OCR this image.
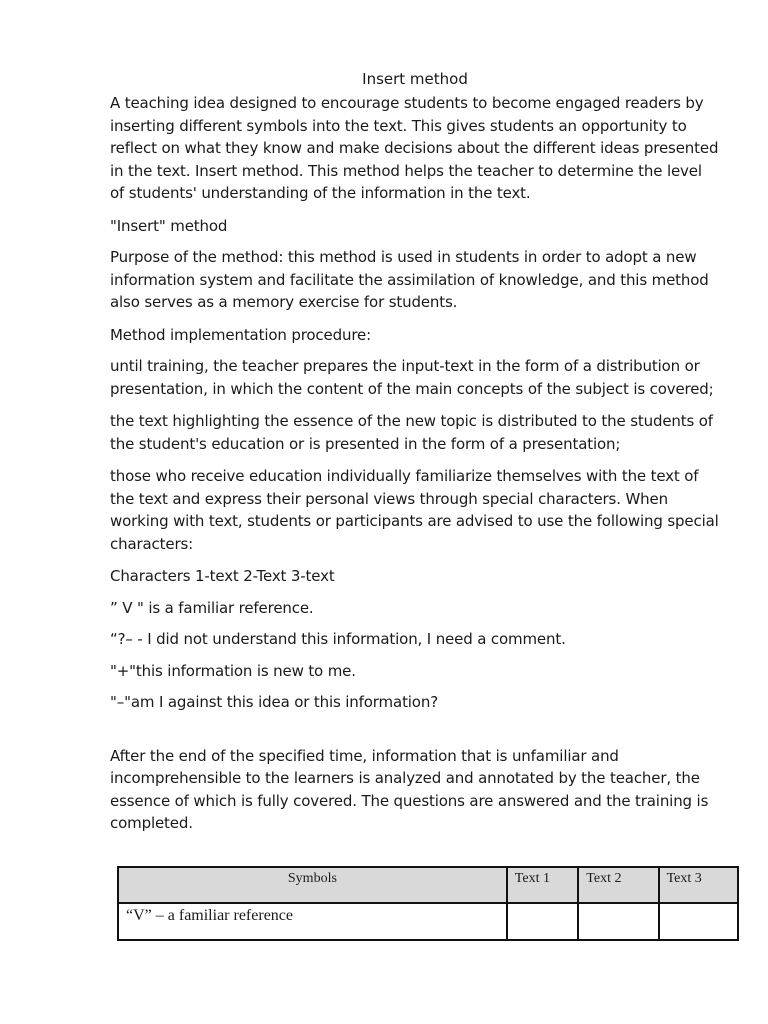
Insert method

A teaching idea designed to encourage students to become engaged readers by inserting different symbols into the text. This gives students an opportunity to reflect on what they know and make decisions about the different ideas presented in the text. Insert method. This method helps the teacher to determine the level of students' understanding of the information in the text.

"Insert" method

Purpose of the method: this method is used in students in order to adopt a new information system and facilitate the assimilation of knowledge, and this method also serves as a memory exercise for students.

Method implementation procedure:

until training, the teacher prepares the input-text in the form of a distribution or presentation, in which the content of the main concepts of the subject is covered;

the text highlighting the essence of the new topic is distributed to the students of the student's education or is presented in the form of a presentation;

those who receive education individually familiarize themselves with the text of the text and express their personal views through special characters. When working with text, students or participants are advised to use the following special characters:

Characters 1-text 2-Text 3-text

” V " is a familiar reference.

“?– - I did not understand this information, I need a comment.

"+"this information is new to me.

"–"am I against this idea or this information?

After the end of the specified time, information that is unfamiliar and incomprehensible to the learners is analyzed and annotated by the teacher, the essence of which is fully covered. The questions are answered and the training is completed.

Symbols	Text 1	Text 2	Text 3
“V” – a familiar reference			
